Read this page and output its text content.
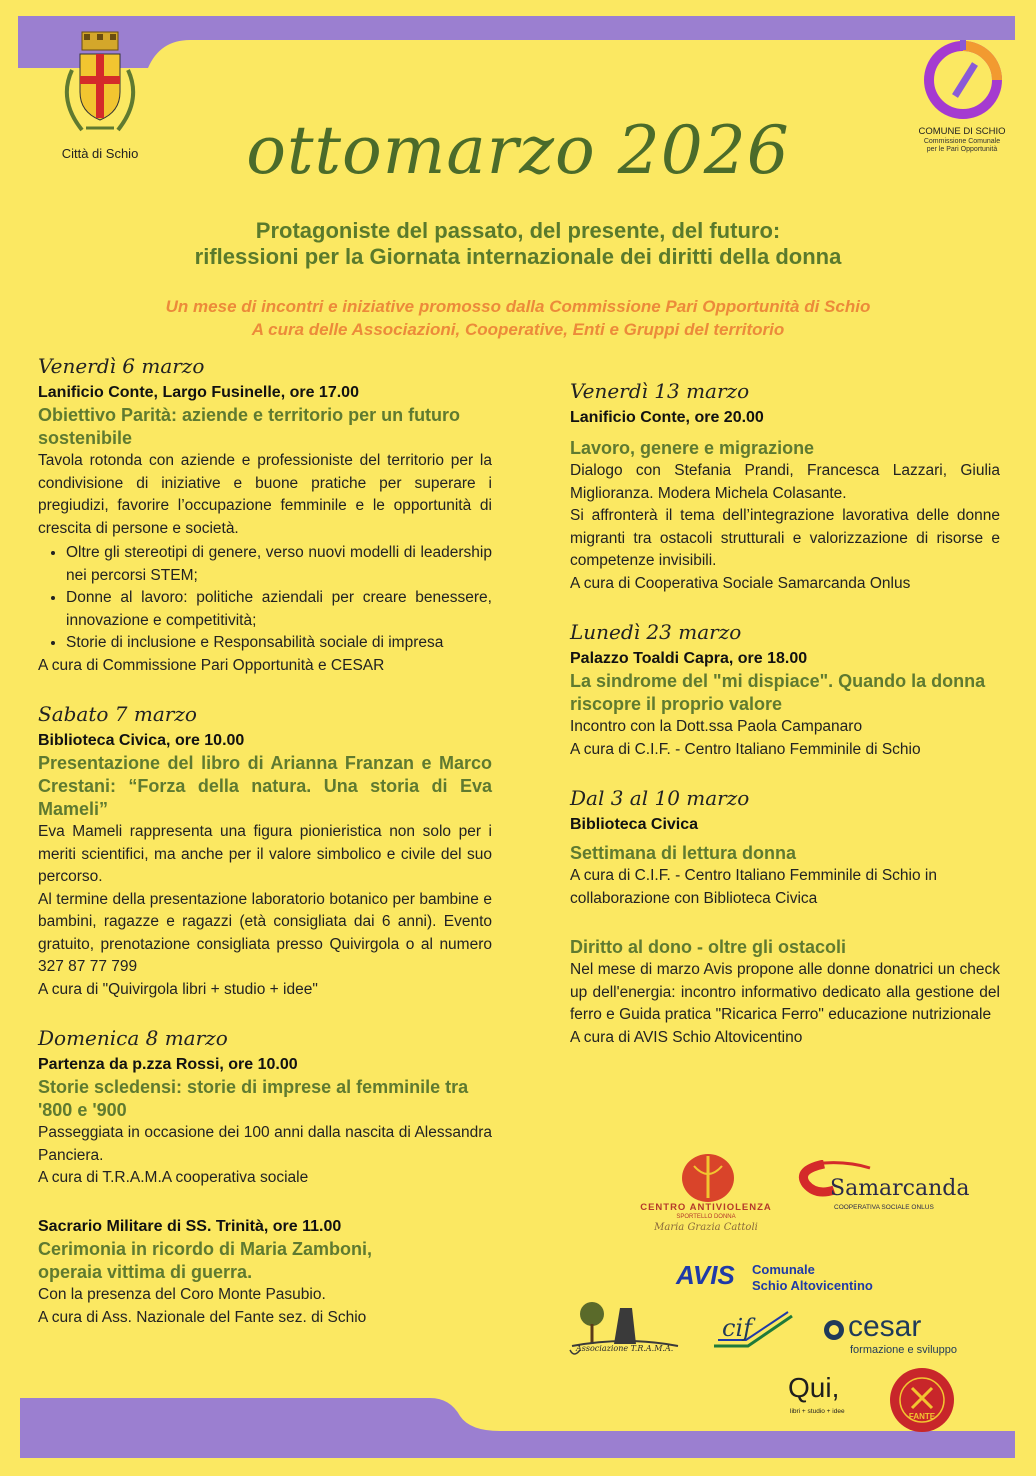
Città di Schio
COMUNE DI SCHIO
Commissione Comunale
per le Pari Opportunità
ottomarzo 2026
Protagoniste del passato, del presente, del futuro:
riflessioni per la Giornata internazionale dei diritti della donna
Un mese di incontri e iniziative promosso dalla Commissione Pari Opportunità di Schio
A cura delle Associazioni, Cooperative, Enti e Gruppi del territorio
Venerdì 6 marzo
Lanificio Conte, Largo Fusinelle, ore 17.00
Obiettivo Parità: aziende e territorio per un futuro sostenibile
Tavola rotonda con aziende e professioniste del territorio per la condivisione di iniziative e buone pratiche per superare i pregiudizi, favorire l’occupazione femminile e le opportunità di crescita di persone e società.
• Oltre gli stereotipi di genere, verso nuovi modelli di leadership nei percorsi STEM;
• Donne al lavoro: politiche aziendali per creare benessere, innovazione e competitività;
• Storie di inclusione e Responsabilità sociale di impresa
A cura di Commissione Pari Opportunità e CESAR
Sabato 7 marzo
Biblioteca Civica, ore 10.00
Presentazione del libro di Arianna Franzan e Marco Crestani: “Forza della natura. Una storia di Eva Mameli”
Eva Mameli rappresenta una figura pionieristica non solo per i meriti scientifici, ma anche per il valore simbolico e civile del suo percorso.
Al termine della presentazione laboratorio botanico per bambine e bambini, ragazze e ragazzi (età consigliata dai 6 anni). Evento gratuito, prenotazione consigliata presso Quivirgola o al numero 327 87 77 799
A cura di "Quivirgola libri + studio + idee"
Domenica 8 marzo
Partenza da p.zza Rossi, ore 10.00
Storie scledensi: storie di imprese al femminile tra '800 e '900
Passeggiata in occasione dei 100 anni dalla nascita di Alessandra Panciera.
A cura di T.R.A.M.A cooperativa sociale
Sacrario Militare di SS. Trinità, ore 11.00
Cerimonia in ricordo di Maria Zamboni,
operaia vittima di guerra.
Con la presenza del Coro Monte Pasubio.
A cura di Ass. Nazionale del Fante sez. di Schio
Venerdì 13 marzo
Lanificio Conte, ore 20.00
Lavoro, genere e migrazione
Dialogo con Stefania Prandi, Francesca Lazzari, Giulia Miglioranza. Modera Michela Colasante.
Si affronterà il tema dell’integrazione lavorativa delle donne migranti tra ostacoli strutturali e valorizzazione di risorse e competenze invisibili.
A cura di Cooperativa Sociale Samarcanda Onlus
Lunedì 23 marzo
Palazzo Toaldi Capra, ore 18.00
La sindrome del "mi dispiace". Quando la donna riscopre il proprio valore
Incontro con la Dott.ssa Paola Campanaro
A cura di C.I.F. - Centro Italiano Femminile di Schio
Dal 3 al 10 marzo
Biblioteca Civica
Settimana di lettura donna
A cura di C.I.F. - Centro Italiano Femminile di Schio in collaborazione con Biblioteca Civica
Diritto al dono - oltre gli ostacoli
Nel mese di marzo Avis propone alle donne donatrici un check up dell'energia: incontro informativo dedicato alla gestione del ferro e Guida pratica "Ricarica Ferro" educazione nutrizionale
A cura di AVIS Schio Altovicentino
CENTRO ANTIVIOLENZA
SPORTELLO DONNA
Maria Grazia Cattoli
Samarcanda
COOPERATIVA SOCIALE ONLUS
AVIS Comunale
Schio Altovicentino
Associazione T.R.A.M.A.
cif	cesar
formazione e sviluppo
Qui,
libri + studio + idee
FANTE
